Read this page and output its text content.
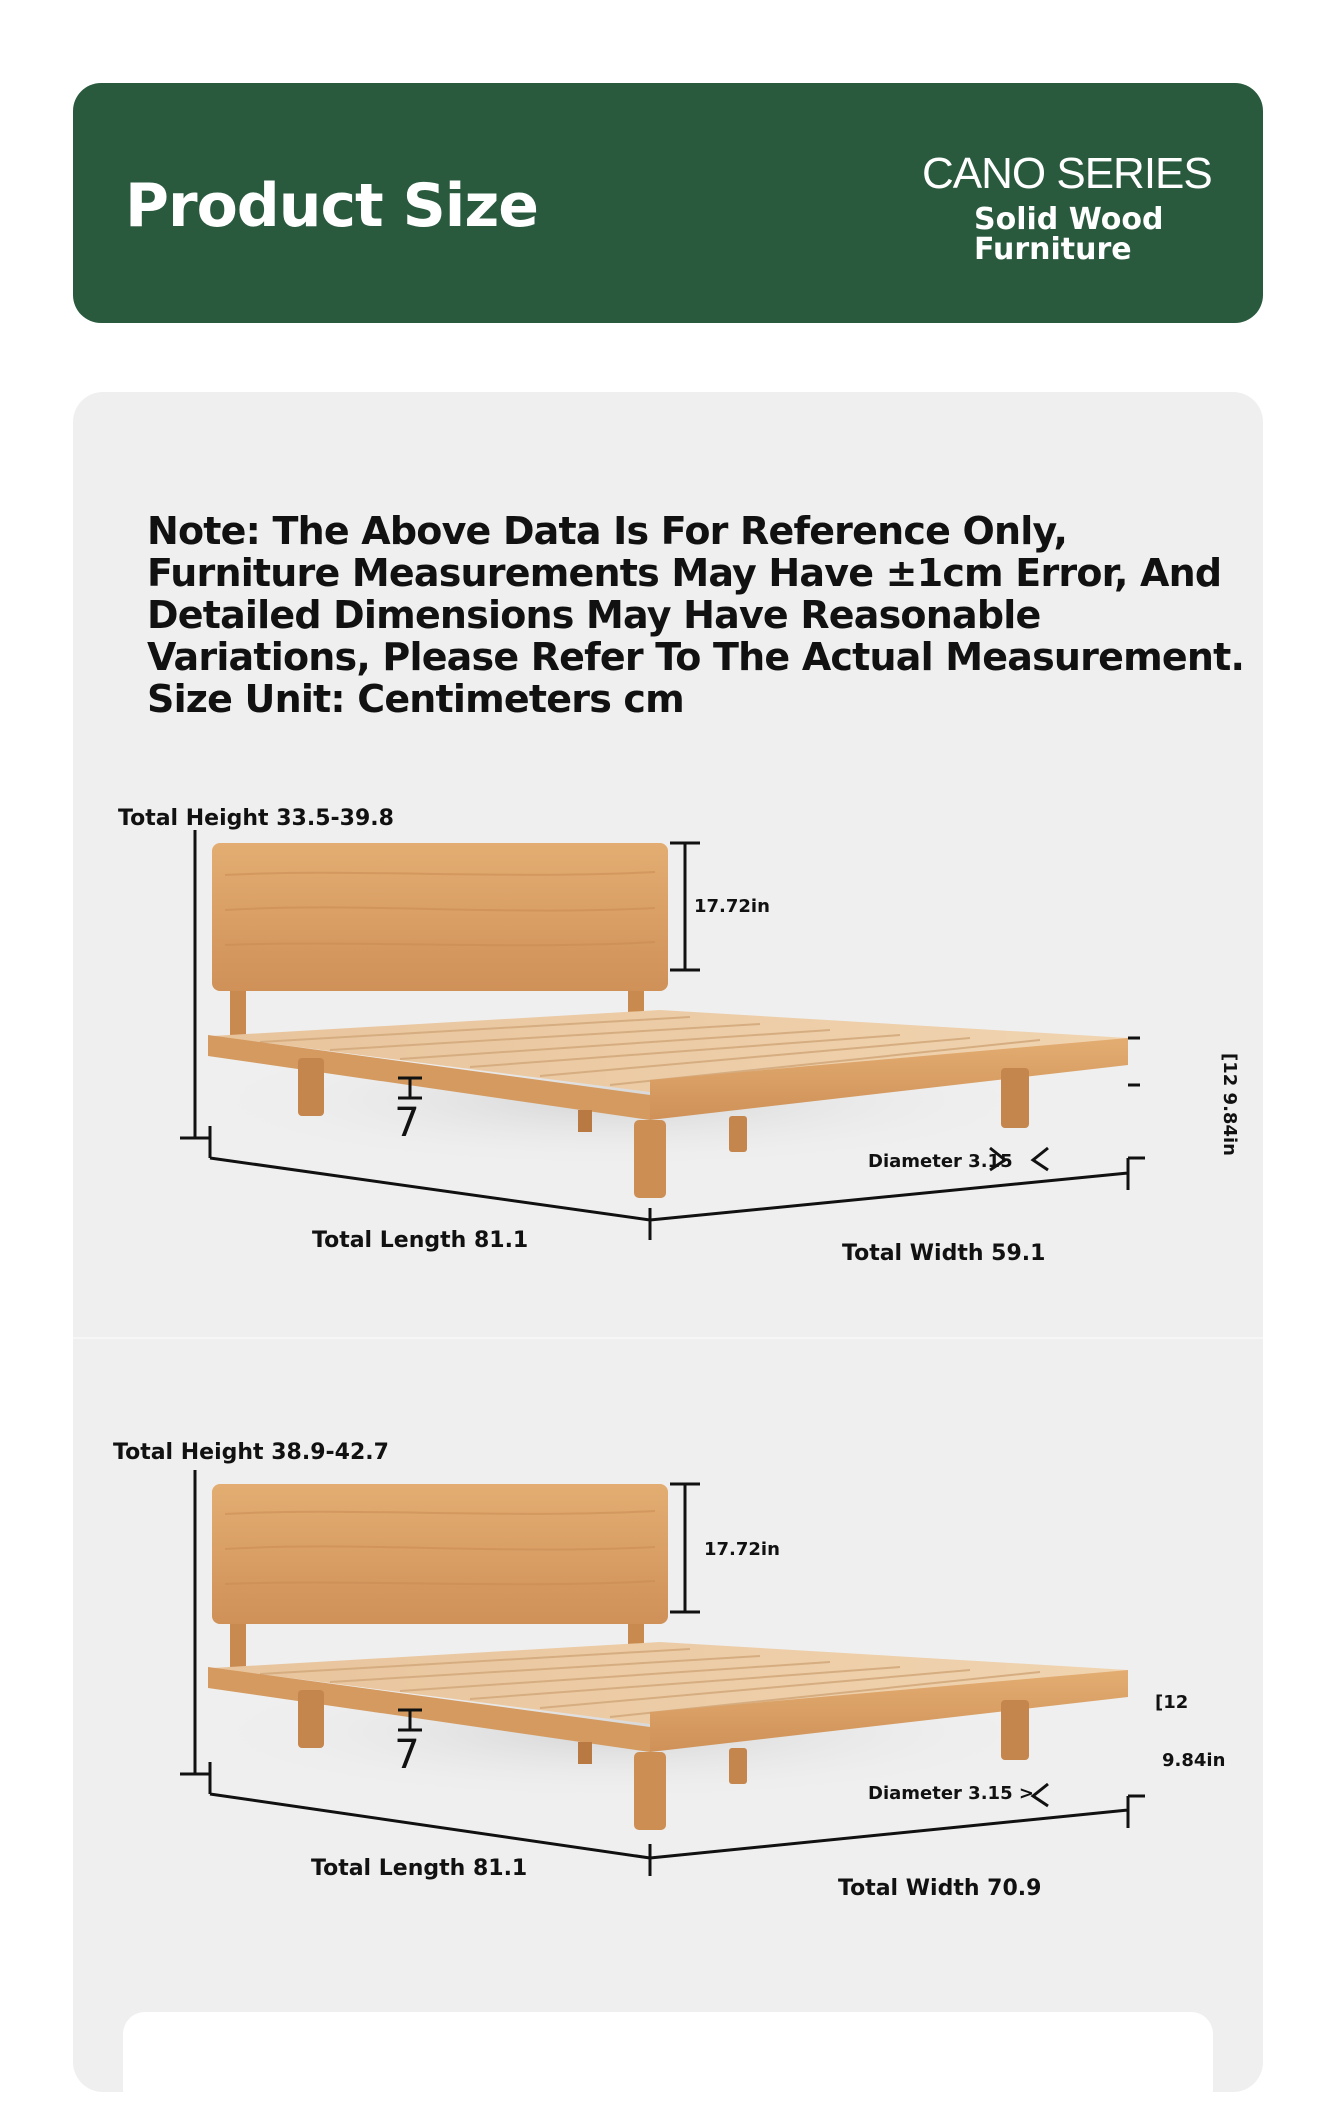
Product Size	CANO SERIES
Solid Wood
Furniture
Note: The Above Data Is For Reference Only,
Furniture Measurements May Have ±1cm Error, And
Detailed Dimensions May Have Reasonable
Variations, Please Refer To The Actual Measurement.
Size Unit: Centimeters cm
7
Total Height 33.5-39.8
17.72in
[12 9.84in
Diameter 3.15
Total Length 81.1
Total Width 59.1
7
Total Height 38.9-42.7
17.72in
[12
9.84in
Diameter 3.15 >
Total Length 81.1
Total Width 70.9
